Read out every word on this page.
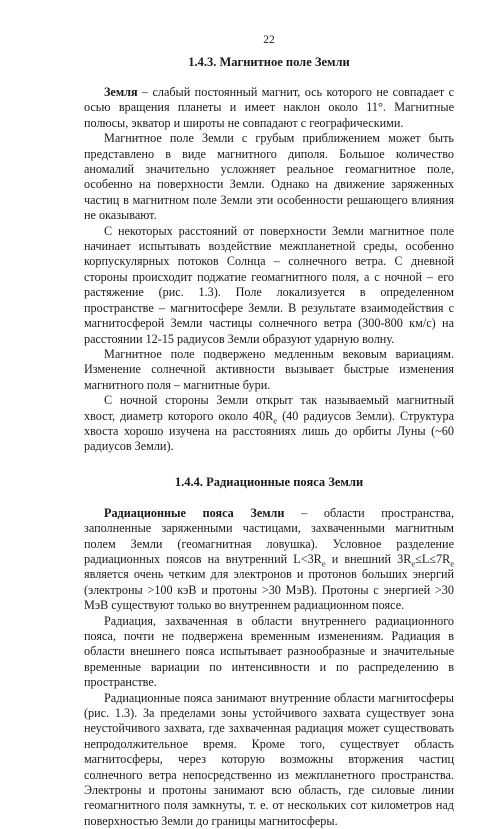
22
1.4.3. Магнитное поле Земли

Земля – слабый постоянный магнит, ось которого не совпадает с осью вращения планеты и имеет наклон около 11°. Магнитные полюсы, экватор и широты не совпадают с географическими.

Магнитное поле Земли с грубым приближением может быть представлено в виде магнитного диполя. Большое количество аномалий значительно усложняет реальное геомагнитное поле, особенно на поверхности Земли. Однако на движение заряженных частиц в магнитном поле Земли эти особенности решающего влияния не оказывают.

С некоторых расстояний от поверхности Земли магнитное поле начинает испытывать воздействие межпланетной среды, особенно корпускулярных потоков Солнца – солнечного ветра. С дневной стороны происходит поджатие геомагнитного поля, а с ночной – его растяжение (рис. 1.3). Поле локализуется в определенном пространстве – магнитосфере Земли. В результате взаимодействия с магнитосферой Земли частицы солнечного ветра (300-800 км/с) на расстоянии 12-15 радиусов Земли образуют ударную волну.

Магнитное поле подвержено медленным вековым вариациям. Изменение солнечной активности вызывает быстрые изменения магнитного поля – магнитные бури.

С ночной стороны Земли открыт так называемый магнитный хвост, диаметр которого около $40R_е$ (40 радиусов Земли). Структура хвоста хорошо изучена на расстояниях лишь до орбиты Луны (~60 радиусов Земли).

1.4.4. Радиационные пояса Земли

Радиационные пояса Земли – области пространства, заполненные заряженными частицами, захваченными магнитным полем Земли (геомагнитная ловушка). Условное разделение радиационных поясов на внутренний $L<3R_е$ и внешний $3R_е\le L\le 7R_е$ является очень четким для электронов и протонов больших энергий (электроны >100 кэВ и протоны >30 МэВ). Протоны с энергией >30 МэВ существуют только во внутреннем радиационном поясе.

Радиация, захваченная в области внутреннего радиационного пояса, почти не подвержена временным изменениям. Радиация в области внешнего пояса испытывает разнообразные и значительные временные вариации по интенсивности и по распределению в пространстве.

Радиационные пояса занимают внутренние области магнитосферы (рис. 1.3). За пределами зоны устойчивого захвата существует зона неустойчивого захвата, где захваченная радиация может существовать непродолжительное время. Кроме того, существует область магнитосферы, через которую возможны вторжения частиц солнечного ветра непосредственно из межпланетного пространства. Электроны и протоны занимают всю область, где силовые линии геомагнитного поля замкнуты, т. е. от нескольких сот километров над поверхностью Земли до границы магнитосферы.
